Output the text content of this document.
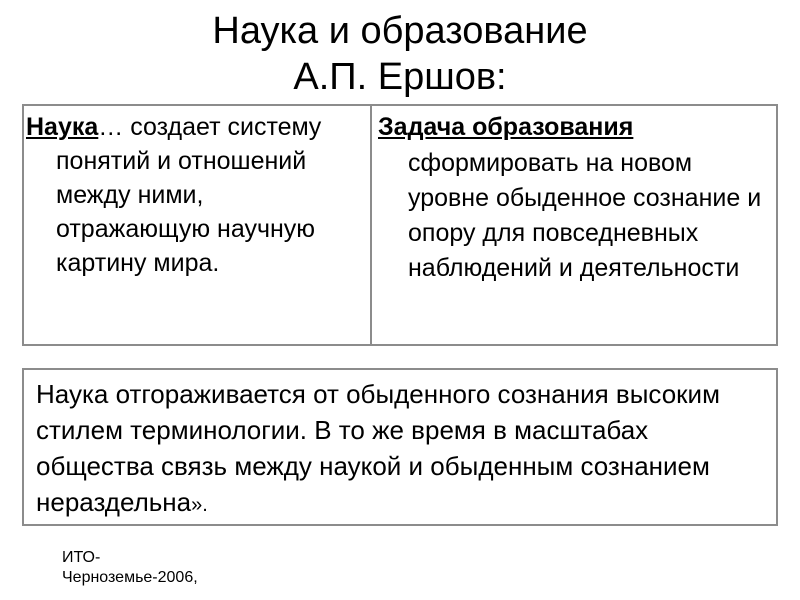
Наука и образование
А.П. Ершов:
Наука… создает системy понятий и отношений между ними, отражающую научную картину мира.
Задача образования
сформировать на новом уровне обыденное сознание и опору для повседневных наблюдений и деятельности
Наука отгораживается от обыденного сознания высоким стилем терминологии. В то же время в масштабах общества связь между наукой и обыденным сознанием нераздельна».
ИТО-
Черноземье-2006,
